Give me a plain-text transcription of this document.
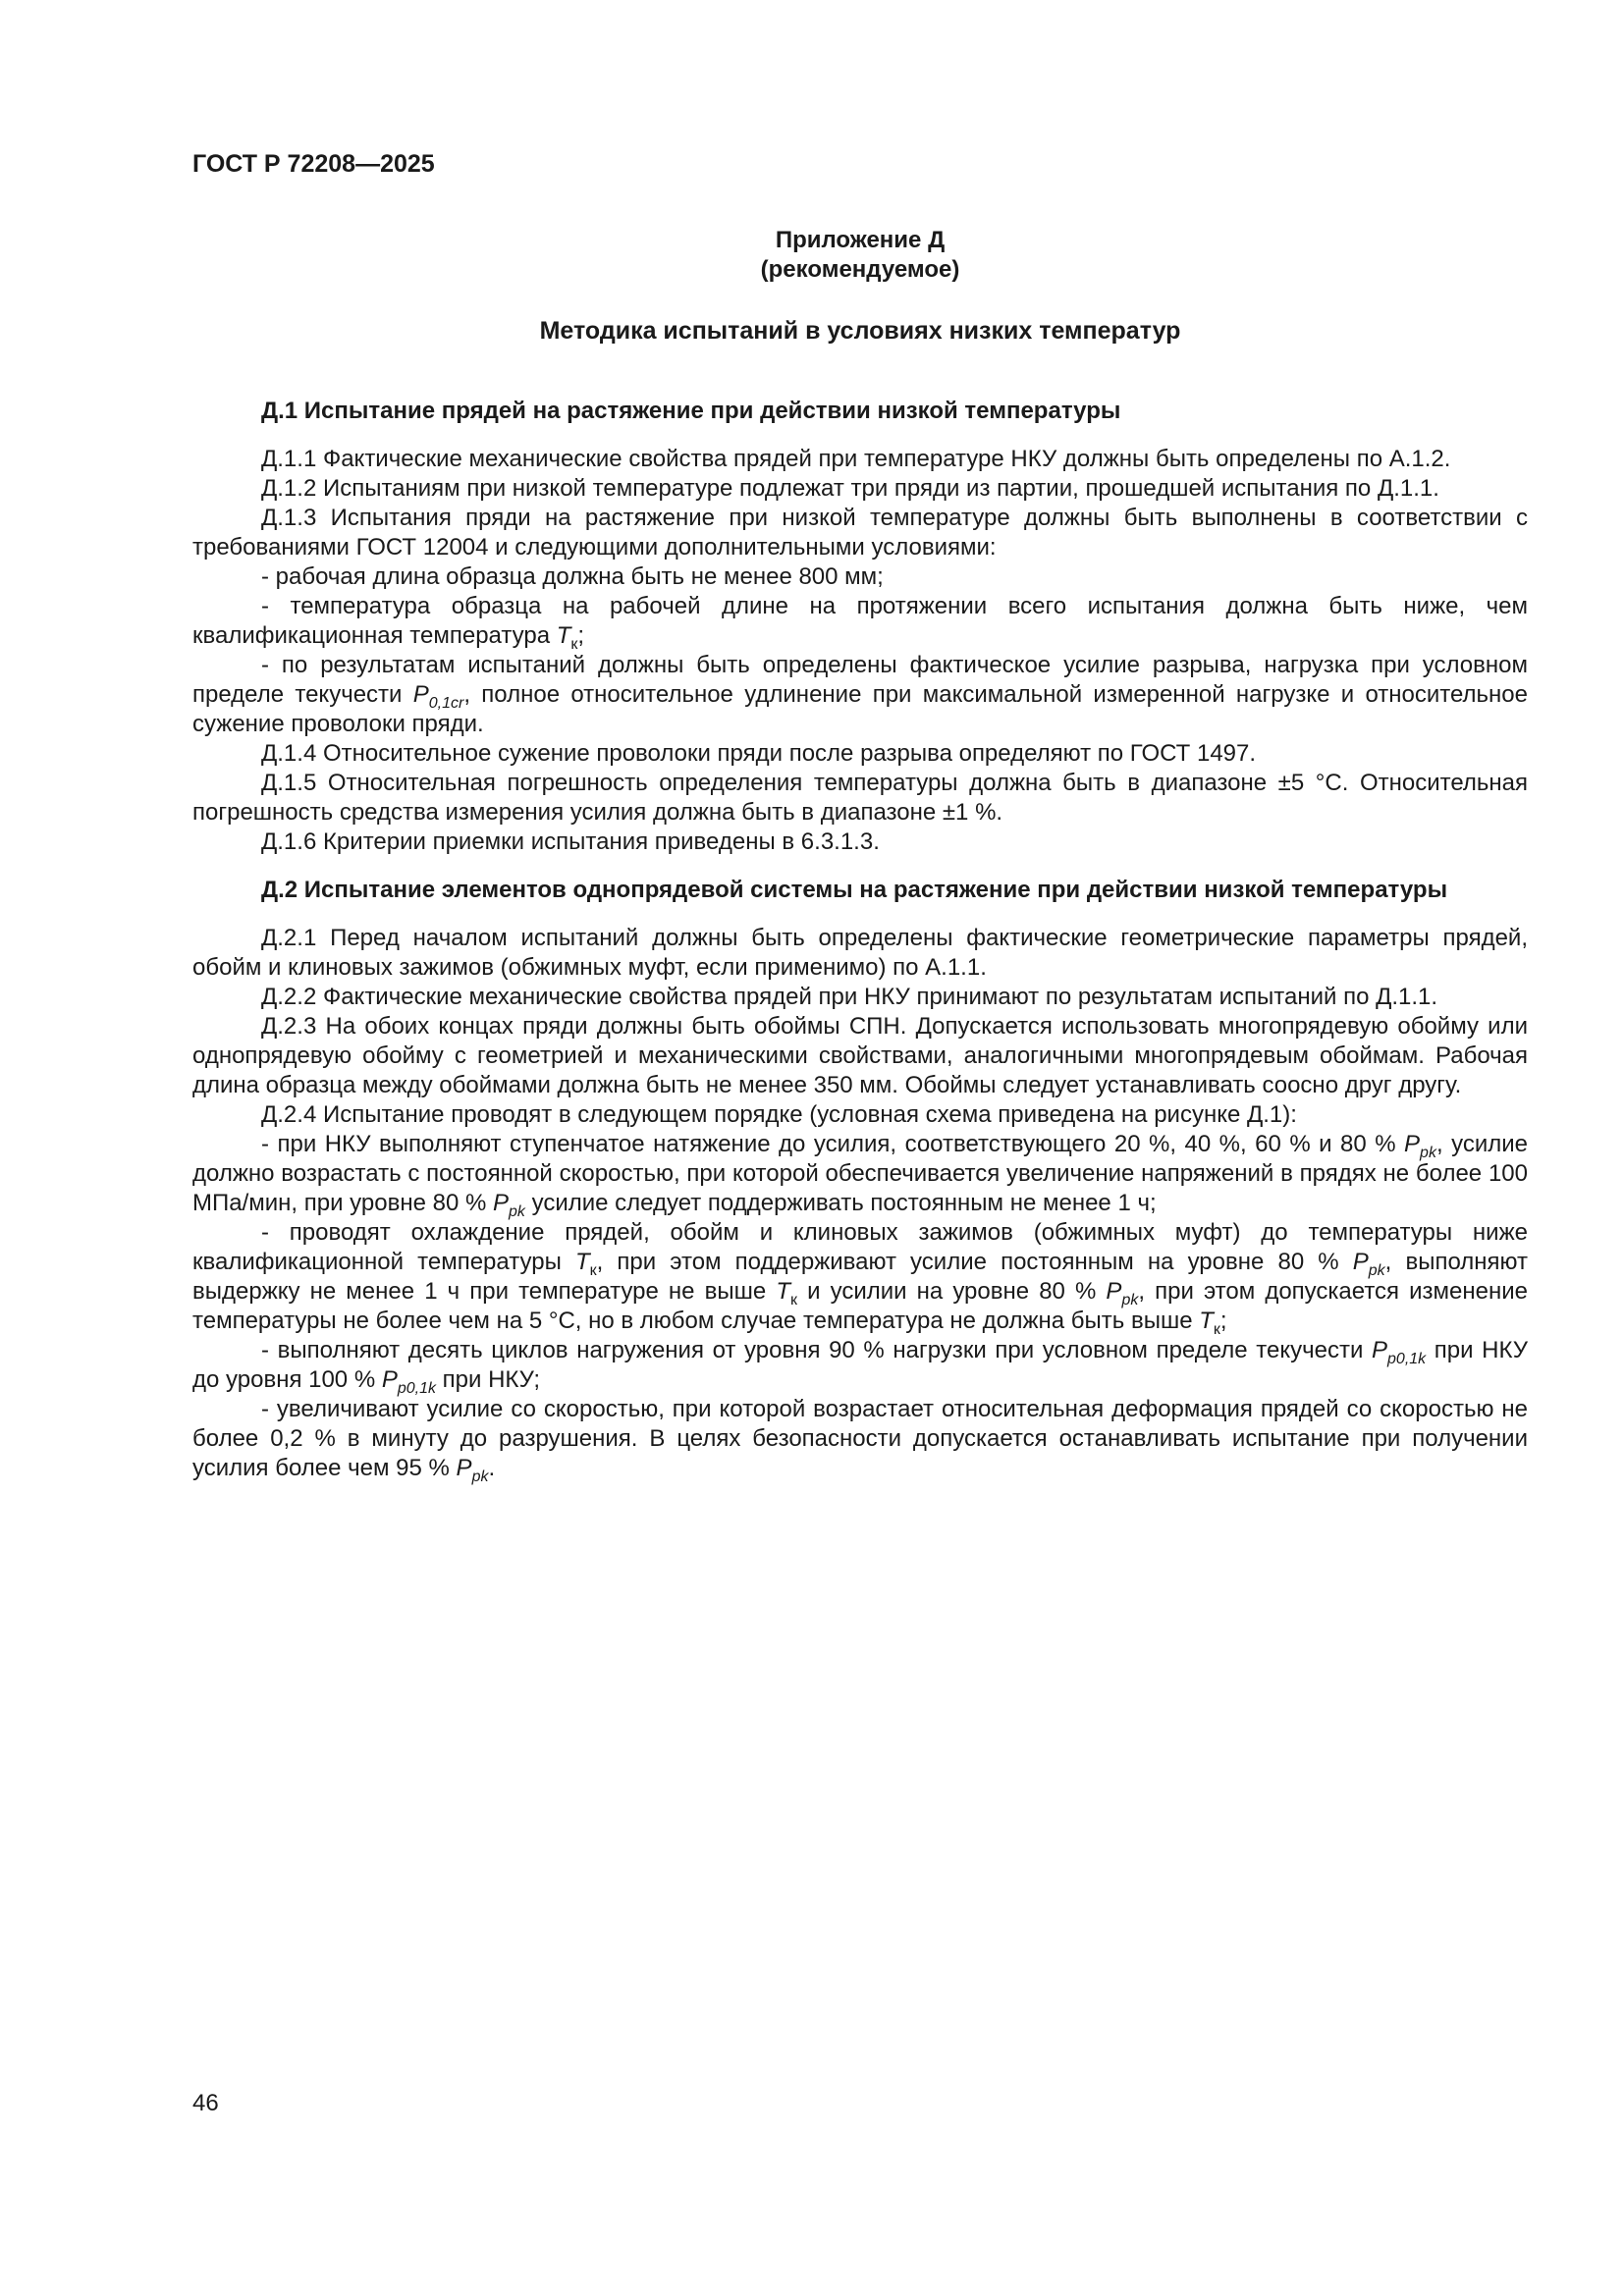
ГОСТ Р 72208—2025
Приложение Д
(рекомендуемое)
Методика испытаний в условиях низких температур
Д.1 Испытание прядей на растяжение при действии низкой температуры

Д.1.1 Фактические механические свойства прядей при температуре НКУ должны быть определены по А.1.2.

Д.1.2 Испытаниям при низкой температуре подлежат три пряди из партии, прошедшей испытания по Д.1.1.

Д.1.3 Испытания пряди на растяжение при низкой температуре должны быть выполнены в соответствии с требованиями ГОСТ 12004 и следующими дополнительными условиями:

- рабочая длина образца должна быть не менее 800 мм;

- температура образца на рабочей длине на протяжении всего испытания должна быть ниже, чем квалификационная температура $T_к$;

- по результатам испытаний должны быть определены фактическое усилие разрыва, нагрузка при условном пределе текучести $P_{0,1cr}$, полное относительное удлинение при максимальной измеренной нагрузке и относительное сужение проволоки пряди.

Д.1.4 Относительное сужение проволоки пряди после разрыва определяют по ГОСТ 1497.

Д.1.5 Относительная погрешность определения температуры должна быть в диапазоне ±5 °С. Относительная погрешность средства измерения усилия должна быть в диапазоне ±1 %.

Д.1.6 Критерии приемки испытания приведены в 6.3.1.3.

Д.2 Испытание элементов однопрядевой системы на растяжение при действии низкой температуры

Д.2.1 Перед началом испытаний должны быть определены фактические геометрические параметры прядей, обойм и клиновых зажимов (обжимных муфт, если применимо) по А.1.1.

Д.2.2 Фактические механические свойства прядей при НКУ принимают по результатам испытаний по Д.1.1.

Д.2.3 На обоих концах пряди должны быть обоймы СПН. Допускается использовать многопрядевую обойму или однопрядевую обойму с геометрией и механическими свойствами, аналогичными многопрядевым обоймам. Рабочая длина образца между обоймами должна быть не менее 350 мм. Обоймы следует устанавливать соосно друг другу.

Д.2.4 Испытание проводят в следующем порядке (условная схема приведена на рисунке Д.1):

- при НКУ выполняют ступенчатое натяжение до усилия, соответствующего 20 %, 40 %, 60 % и 80 % $P_{pk}$, усилие должно возрастать с постоянной скоростью, при которой обеспечивается увеличение напряжений в прядях не более 100 МПа/мин, при уровне 80 % $P_{pk}$ усилие следует поддерживать постоянным не менее 1 ч;

- проводят охлаждение прядей, обойм и клиновых зажимов (обжимных муфт) до температуры ниже квалификационной температуры $T_к$, при этом поддерживают усилие постоянным на уровне 80 % $P_{pk}$, выполняют выдержку не менее 1 ч при температуре не выше $T_к$ и усилии на уровне 80 % $P_{pk}$, при этом допускается изменение температуры не более чем на 5 °С, но в любом случае температура не должна быть выше $T_к$;

- выполняют десять циклов нагружения от уровня 90 % нагрузки при условном пределе текучести $P_{p0,1k}$ при НКУ до уровня 100 % $P_{p0,1k}$ при НКУ;

- увеличивают усилие со скоростью, при которой возрастает относительная деформация прядей со скоростью не более 0,2 % в минуту до разрушения. В целях безопасности допускается останавливать испытание при получении усилия более чем 95 % $P_{pk}$.

46
